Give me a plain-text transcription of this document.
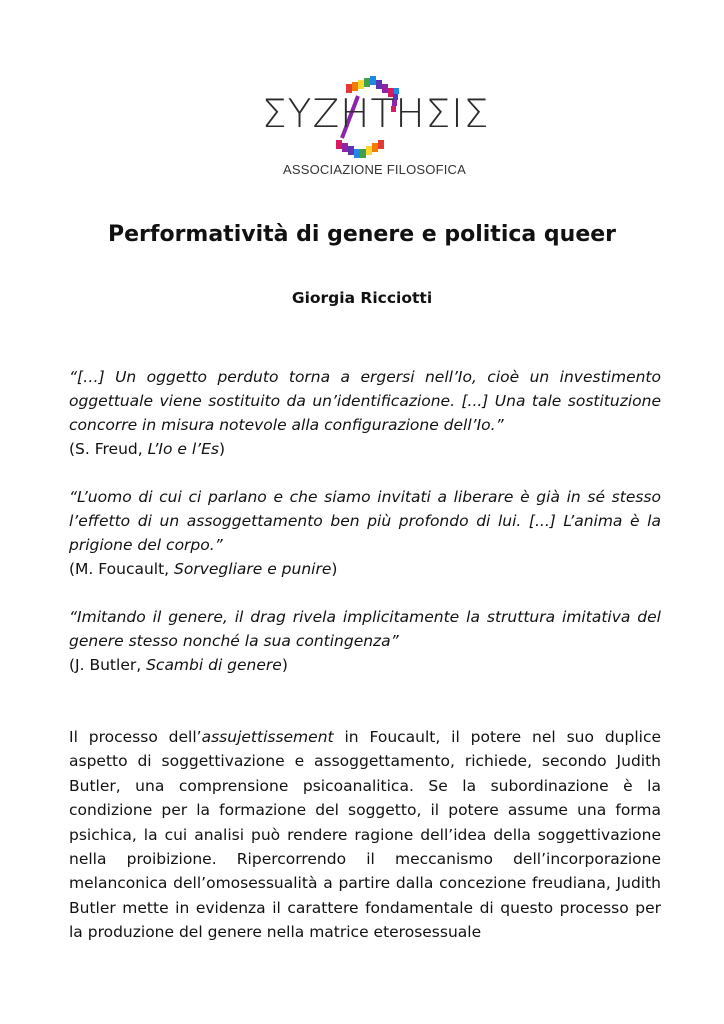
ΣΥΖΗΤΗΣΙΣ
ASSOCIAZIONE FILOSOFICA
Performatività di genere e politica queer

Giorgia Ricciotti

“[…] Un oggetto perduto torna a ergersi nell’Io, cioè un investimento oggettuale viene sostituito da un’identificazione. [...] Una tale sostituzione concorre in misura notevole alla configurazione dell’Io.”
(S. Freud, L’Io e l’Es)
“L’uomo di cui ci parlano e che siamo invitati a liberare è già in sé stesso l’effetto di un assoggettamento ben più profondo di lui. [...] L’anima è la prigione del corpo.”
(M. Foucault, Sorvegliare e punire)
“Imitando il genere, il drag rivela implicitamente la struttura imitativa del genere stesso nonché la sua contingenza”
(J. Butler, Scambi di genere)

Il processo dell’assujettissement in Foucault, il potere nel suo duplice aspetto di soggettivazione e assoggettamento, richiede, secondo Judith Butler, una comprensione psicoanalitica. Se la subordinazione è la condizione per la formazione del soggetto, il potere assume una forma psichica, la cui analisi può rendere ragione dell’idea della soggettivazione nella proibizione. Ripercorrendo il meccanismo dell’incorporazione melanconica dell’omosessualità a partire dalla concezione freudiana, Judith Butler mette in evidenza il carattere fondamentale di questo processo per la produzione del genere nella matrice eterosessuale
